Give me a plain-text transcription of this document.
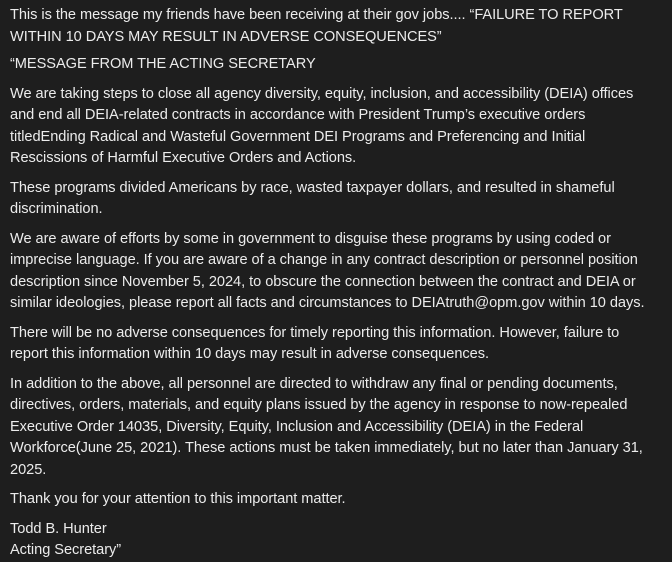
This is the message my friends have been receiving at their gov jobs.... “FAILURE TO REPORT
WITHIN 10 DAYS MAY RESULT IN ADVERSE CONSEQUENCES”

“MESSAGE FROM THE ACTING SECRETARY

We are taking steps to close all agency diversity, equity, inclusion, and accessibility (DEIA) offices
and end all DEIA-related contracts in accordance with President Trump’s executive orders
titledEnding Radical and Wasteful Government DEI Programs and Preferencing and Initial
Rescissions of Harmful Executive Orders and Actions.

These programs divided Americans by race, wasted taxpayer dollars, and resulted in shameful
discrimination.

We are aware of efforts by some in government to disguise these programs by using coded or
imprecise language. If you are aware of a change in any contract description or personnel position
description since November 5, 2024, to obscure the connection between the contract and DEIA or
similar ideologies, please report all facts and circumstances to DEIAtruth@opm.gov within 10 days.

There will be no adverse consequences for timely reporting this information. However, failure to
report this information within 10 days may result in adverse consequences.

In addition to the above, all personnel are directed to withdraw any final or pending documents,
directives, orders, materials, and equity plans issued by the agency in response to now-repealed
Executive Order 14035, Diversity, Equity, Inclusion and Accessibility (DEIA) in the Federal
Workforce(June 25, 2021). These actions must be taken immediately, but no later than January 31,
2025.

Thank you for your attention to this important matter.

Todd B. Hunter
Acting Secretary”
